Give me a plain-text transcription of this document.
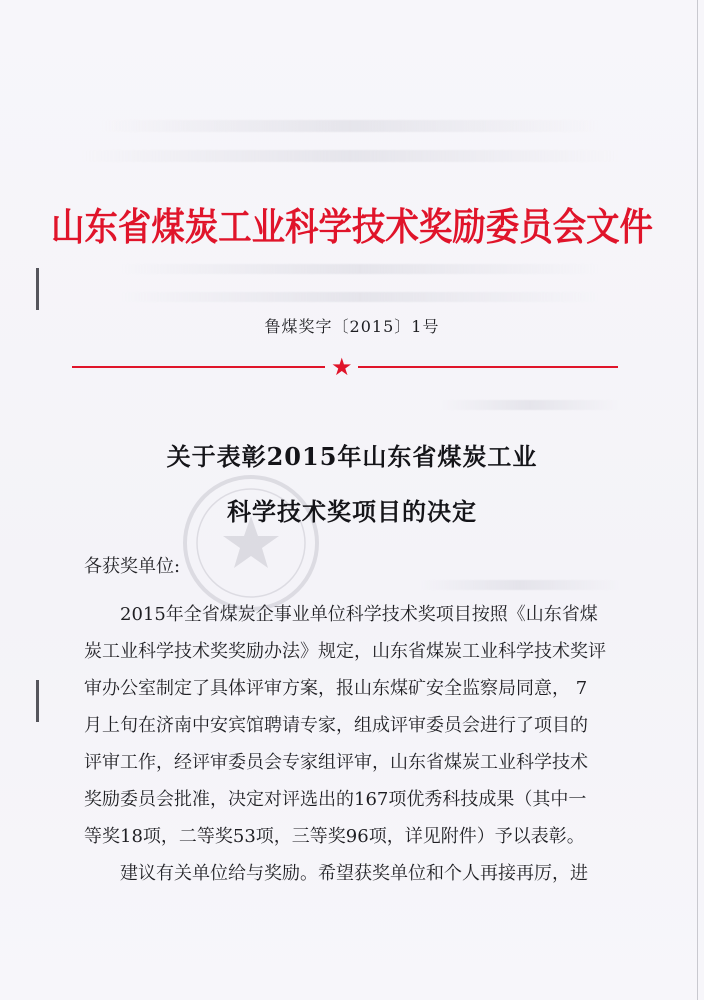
山东省煤炭工业科学技术奖励委员会文件
鲁煤奖字〔2015〕1号
★
关于表彰2015年山东省煤炭工业
科学技术奖项目的决定
各获奖单位:
2015年全省煤炭企事业单位科学技术奖项目按照《山东省煤
炭工业科学技术奖奖励办法》规定，山东省煤炭工业科学技术奖评
审办公室制定了具体评审方案，报山东煤矿安全监察局同意， 7
月上旬在济南中安宾馆聘请专家，组成评审委员会进行了项目的
评审工作，经评审委员会专家组评审，山东省煤炭工业科学技术
奖励委员会批准，决定对评选出的167项优秀科技成果（其中一
等奖18项，二等奖53项，三等奖96项，详见附件）予以表彰。
建议有关单位给与奖励。希望获奖单位和个人再接再厉，进
